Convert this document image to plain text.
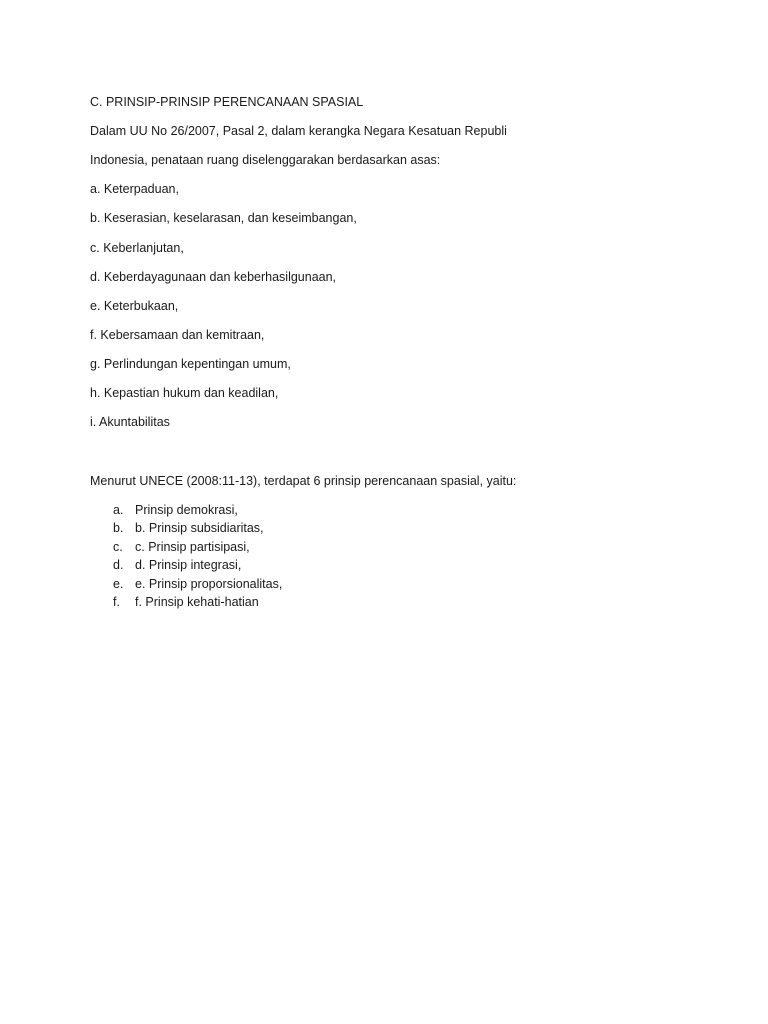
C. PRINSIP-PRINSIP PERENCANAAN SPASIAL
Dalam UU No 26/2007, Pasal 2, dalam kerangka Negara Kesatuan Republi
Indonesia, penataan ruang diselenggarakan berdasarkan asas:
a. Keterpaduan,
b. Keserasian, keselarasan, dan keseimbangan,
c. Keberlanjutan,
d. Keberdayagunaan dan keberhasilgunaan,
e. Keterbukaan,
f. Kebersamaan dan kemitraan,
g. Perlindungan kepentingan umum,
h. Kepastian hukum dan keadilan,
i. Akuntabilitas
Menurut UNECE (2008:11-13), terdapat 6 prinsip perencanaan spasial, yaitu:
a. Prinsip demokrasi,
b. b. Prinsip subsidiaritas,
c. c. Prinsip partisipasi,
d. d. Prinsip integrasi,
e. e. Prinsip proporsionalitas,
f. f. Prinsip kehati-hatian
